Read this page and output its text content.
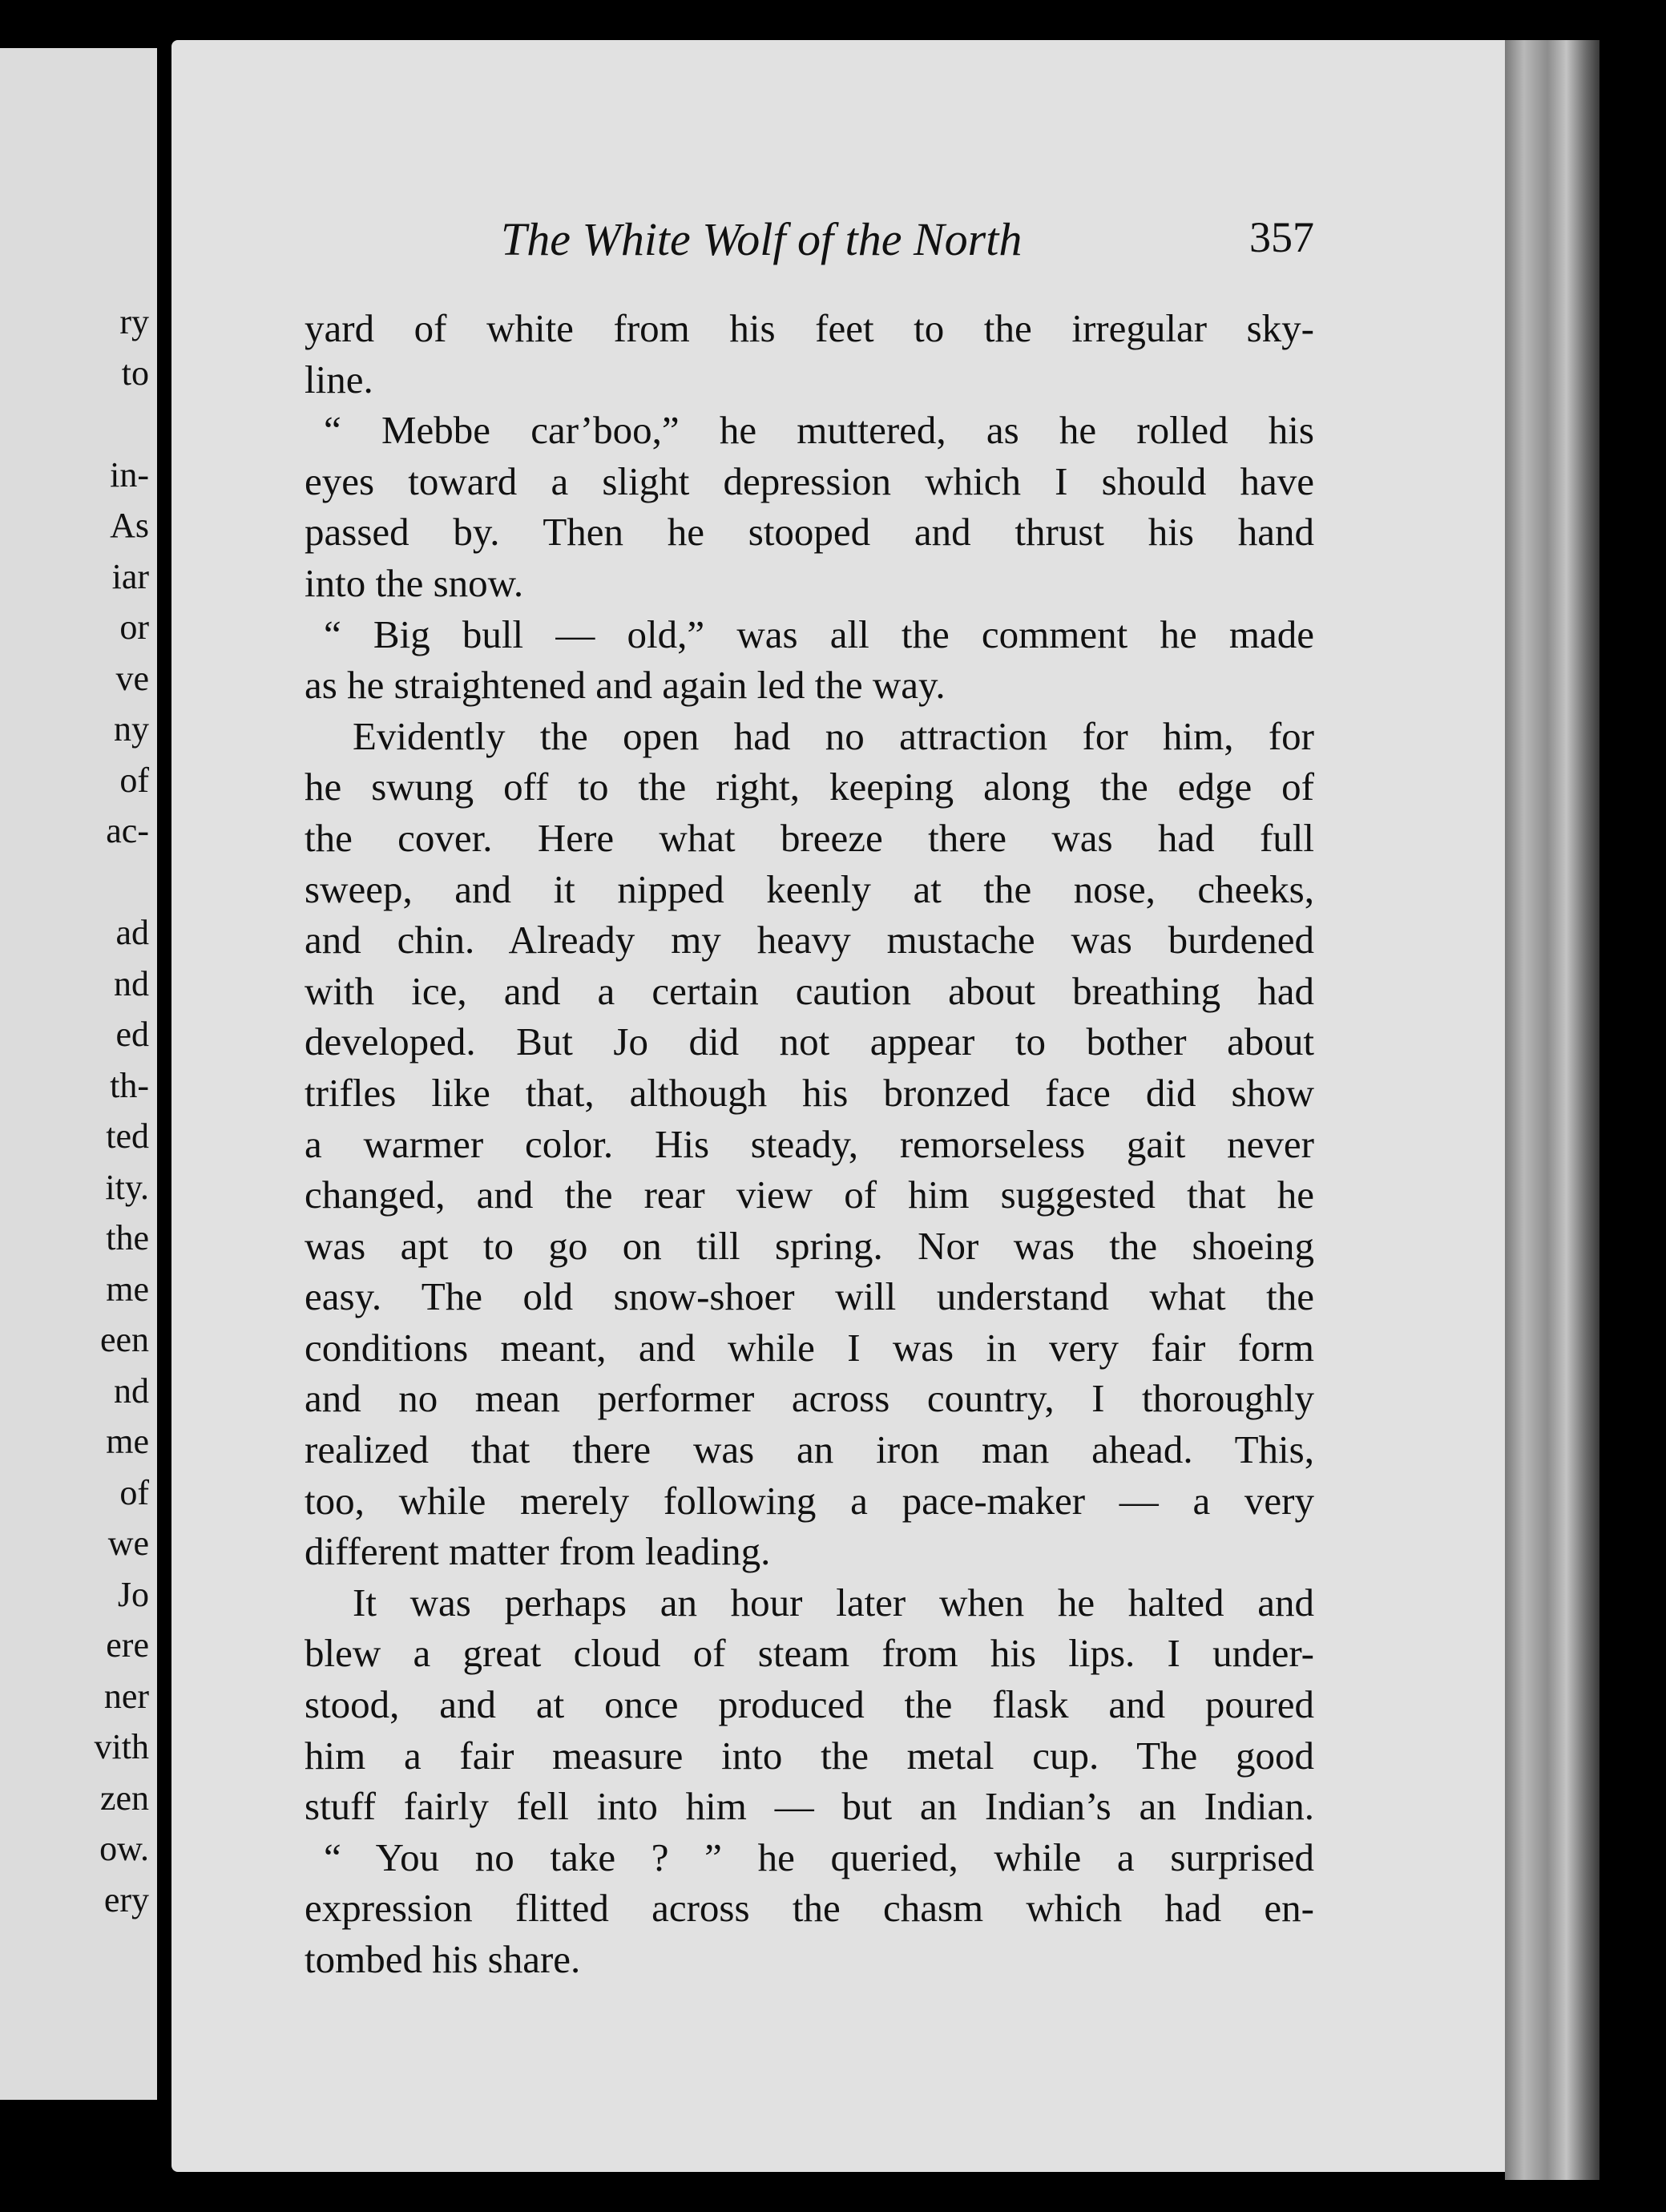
ry
to
in-
As
iar
or
ve
ny
of
ac-
ad
nd
ed
th-
ted
ity.
the
me
een
nd
me
of
we
Jo
ere
ner
vith
zen
ow.
ery
The White Wolf of the North	357
yard of white from his feet to the irregular sky-
line.
“ Mebbe car’boo,” he muttered, as he rolled his
eyes toward a slight depression which I should have
passed by. Then he stooped and thrust his hand
into the snow.
“ Big bull — old,” was all the comment he made
as he straightened and again led the way.
Evidently the open had no attraction for him, for
he swung off to the right, keeping along the edge of
the cover. Here what breeze there was had full
sweep, and it nipped keenly at the nose, cheeks,
and chin. Already my heavy mustache was burdened
with ice, and a certain caution about breathing had
developed. But Jo did not appear to bother about
trifles like that, although his bronzed face did show
a warmer color. His steady, remorseless gait never
changed, and the rear view of him suggested that he
was apt to go on till spring. Nor was the shoeing
easy. The old snow-shoer will understand what the
conditions meant, and while I was in very fair form
and no mean performer across country, I thoroughly
realized that there was an iron man ahead. This,
too, while merely following a pace-maker — a very
different matter from leading.
It was perhaps an hour later when he halted and
blew a great cloud of steam from his lips. I under-
stood, and at once produced the flask and poured
him a fair measure into the metal cup. The good
stuff fairly fell into him — but an Indian’s an Indian.
“ You no take ? ” he queried, while a surprised
expression flitted across the chasm which had en-
tombed his share.
